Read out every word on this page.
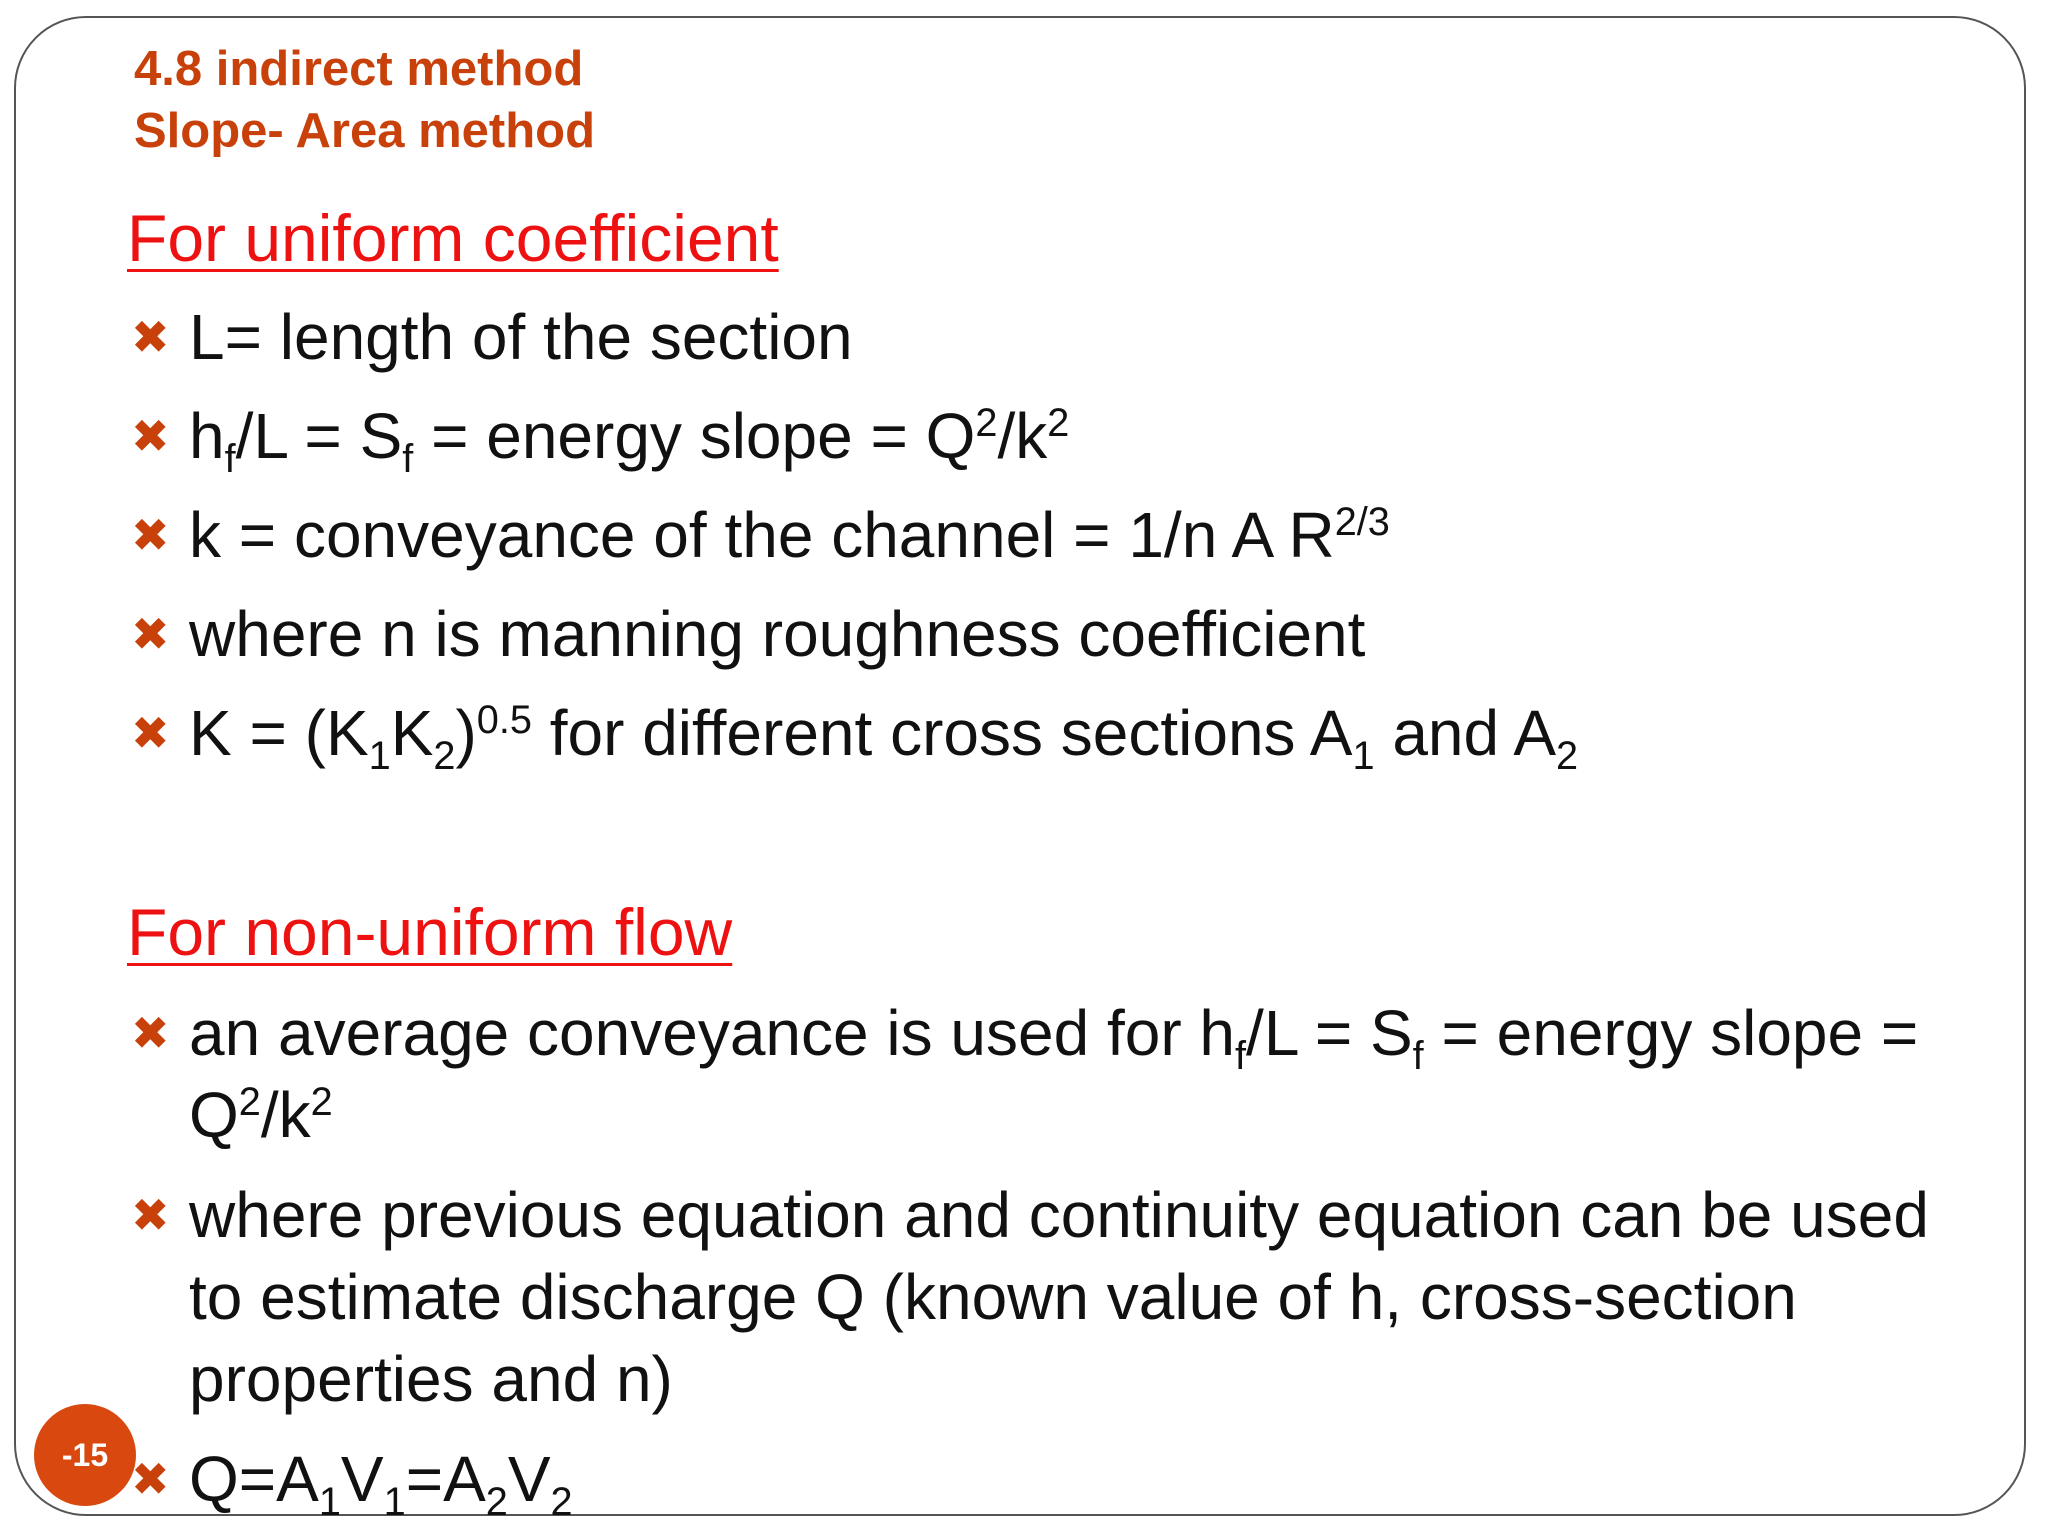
4.8 indirect method
Slope- Area method
For uniform coefficient
✖ L= length of the section
✖ $h_f/L = S_f$ = energy slope = $Q^2/k^2$
✖ k = conveyance of the channel = 1/n A $R^{2/3}$
✖ where n is manning roughness coefficient
✖ $K = (K_1K_2)^{0.5}$ for different cross sections $A_1$ and $A_2$
For non-uniform flow
✖ an average conveyance is used for $h_f/L = S_f$ = energy slope = $Q^2/k^2$
✖ where previous equation and continuity equation can be used to estimate discharge Q (known value of h, cross-section properties and n)
✖ $Q=A_1V_1=A_2V_2$
-15
